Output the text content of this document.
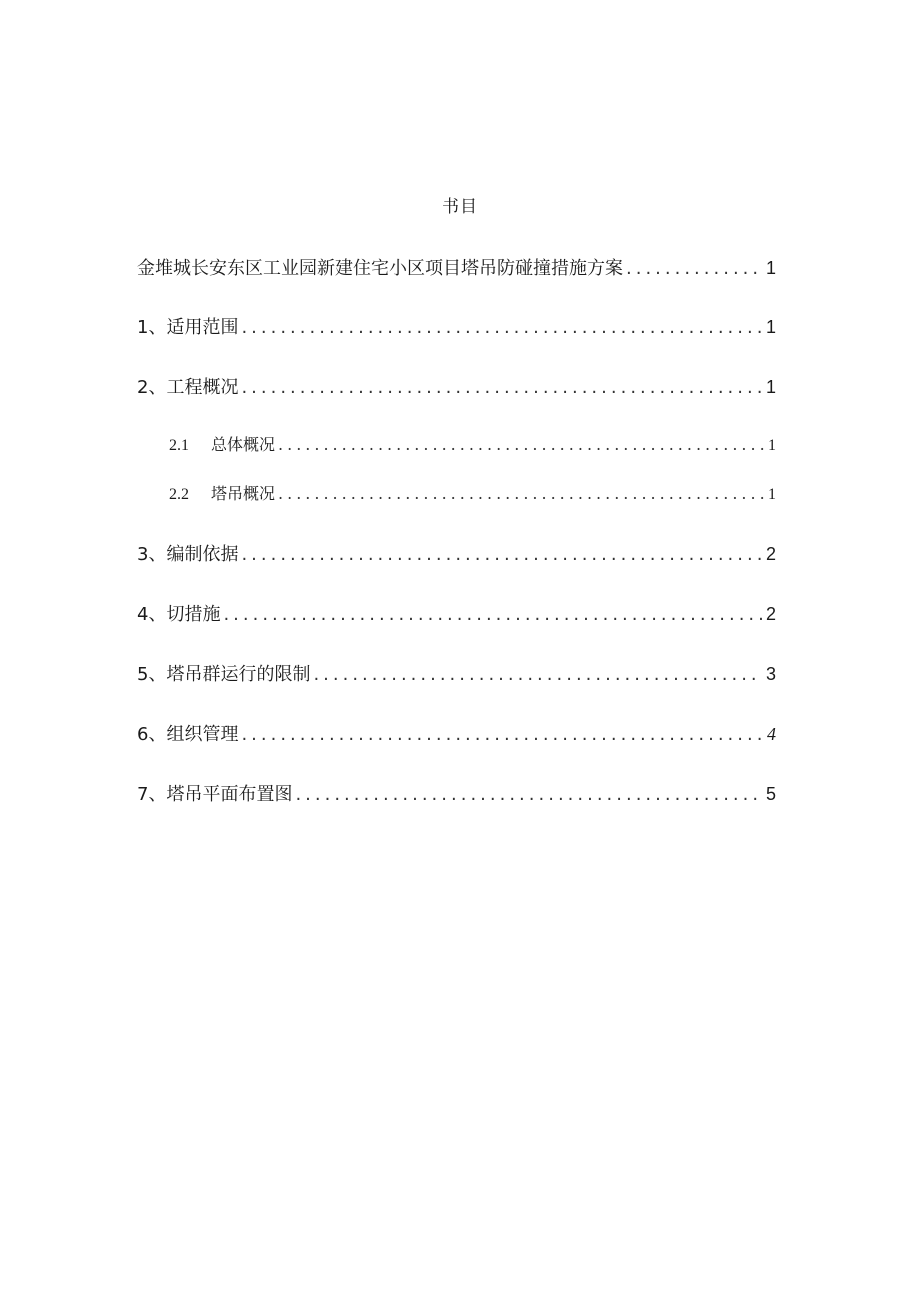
书目
金堆城长安东区工业园新建住宅小区项目塔吊防碰撞措施方案 .....	1
1、 适用范围 .....	1
2、 工程概况 .....	1
2.1	总体概况 .....	1
2.2	塔吊概况 .....	1
3、 编制依据 .....	2
4、 切措施 .....	2
5、 塔吊群运行的限制 .....	3
6、 组织管理 .....	4
7、 塔吊平面布置图 .....	5
